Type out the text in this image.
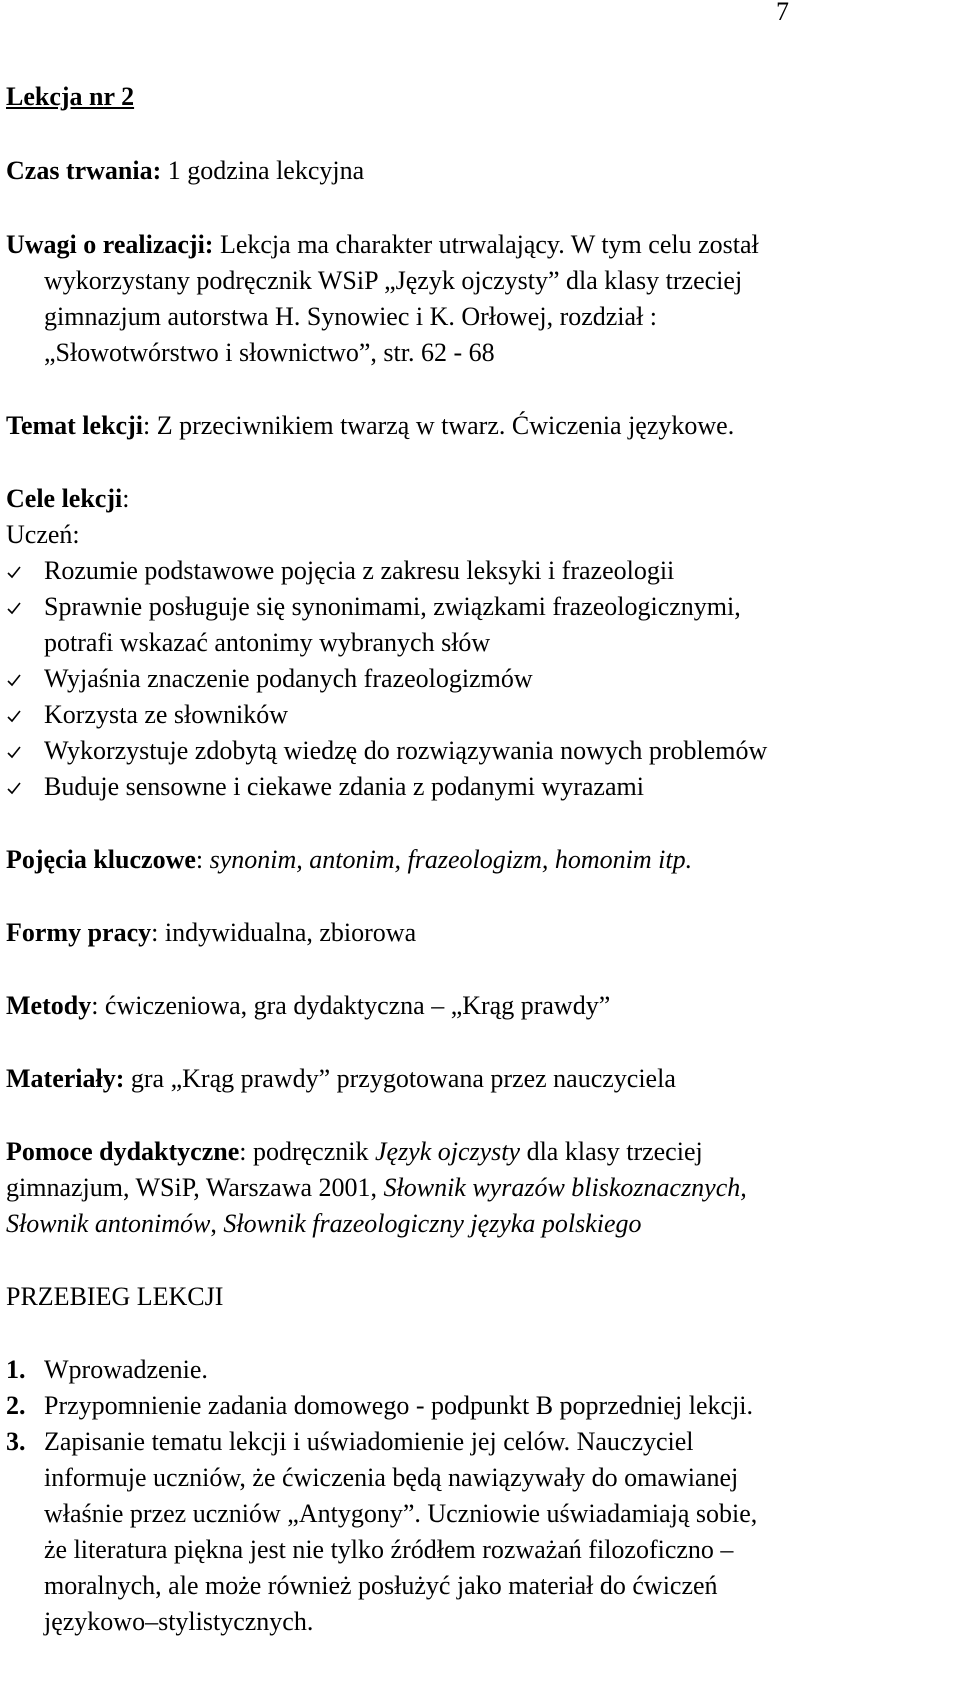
7

Lekcja nr 2

Czas trwania: 1 godzina lekcyjna

Uwagi o realizacji: Lekcja ma charakter utrwalający. W tym celu został

wykorzystany podręcznik WSiP „Język ojczysty” dla klasy trzeciej

gimnazjum autorstwa H. Synowiec i K. Orłowej, rozdział :

„Słowotwórstwo i słownictwo”, str. 62 - 68

Temat lekcji: Z przeciwnikiem twarzą w twarz. Ćwiczenia językowe.

Cele lekcji:

Uczeń:

Rozumie podstawowe pojęcia z zakresu leksyki i frazeologii
Sprawnie posługuje się synonimami, związkami frazeologicznymi,
potrafi wskazać antonimy wybranych słów
Wyjaśnia znaczenie podanych frazeologizmów
Korzysta ze słowników
Wykorzystuje zdobytą wiedzę do rozwiązywania nowych problemów
Buduje sensowne i ciekawe zdania z podanymi wyrazami

Pojęcia kluczowe: synonim, antonim, frazeologizm, homonim itp.

Formy pracy: indywidualna, zbiorowa

Metody: ćwiczeniowa, gra dydaktyczna – „Krąg prawdy”

Materiały: gra „Krąg prawdy” przygotowana przez nauczyciela

Pomoce dydaktyczne: podręcznik Język ojczysty dla klasy trzeciej

gimnazjum, WSiP, Warszawa 2001, Słownik wyrazów bliskoznacznych,

Słownik antonimów, Słownik frazeologiczny języka polskiego

PRZEBIEG LEKCJI

1. Wprowadzenie.
2. Przypomnienie zadania domowego - podpunkt B poprzedniej lekcji.
3. Zapisanie tematu lekcji i uświadomienie jej celów. Nauczyciel
informuje uczniów, że ćwiczenia będą nawiązywały do omawianej
właśnie przez uczniów „Antygony”. Uczniowie uświadamiają sobie,
że literatura piękna jest nie tylko źródłem rozważań filozoficzno –
moralnych, ale może również posłużyć jako materiał do ćwiczeń
językowo–stylistycznych.
